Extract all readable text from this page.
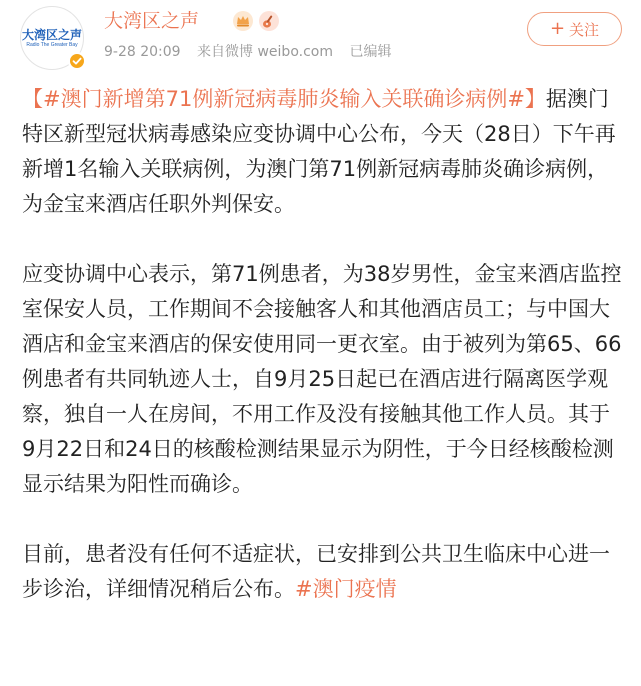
大湾区之声
Radio The Greater Bay
大湾区之声
9-28 20:09 来自微博 weibo.com 已编辑
+ 关注

【#澳门新增第71例新冠病毒肺炎输入关联确诊病例#】据澳门特区新型冠状病毒感染应变协调中心公布，今天（28日）下午再新增1名输入关联病例，为澳门第71例新冠病毒肺炎确诊病例， 为金宝来酒店任职外判保安。

应变协调中心表示，第71例患者，为38岁男性，金宝来酒店监控室保安人员，工作期间不会接触客人和其他酒店员工；与中国大酒店和金宝来酒店的保安使用同一更衣室。由于被列为第65、66例患者有共同轨迹人士，自9月25日起已在酒店进行隔离医学观察，独自一人在房间，不用工作及没有接触其他工作人员。其于9月22日和24日的核酸检测结果显示为阴性，于今日经核酸检测显示结果为阳性而确诊。

目前，患者没有任何不适症状，已安排到公共卫生临床中心进一步诊治，详细情况稍后公布。#澳门疫情
